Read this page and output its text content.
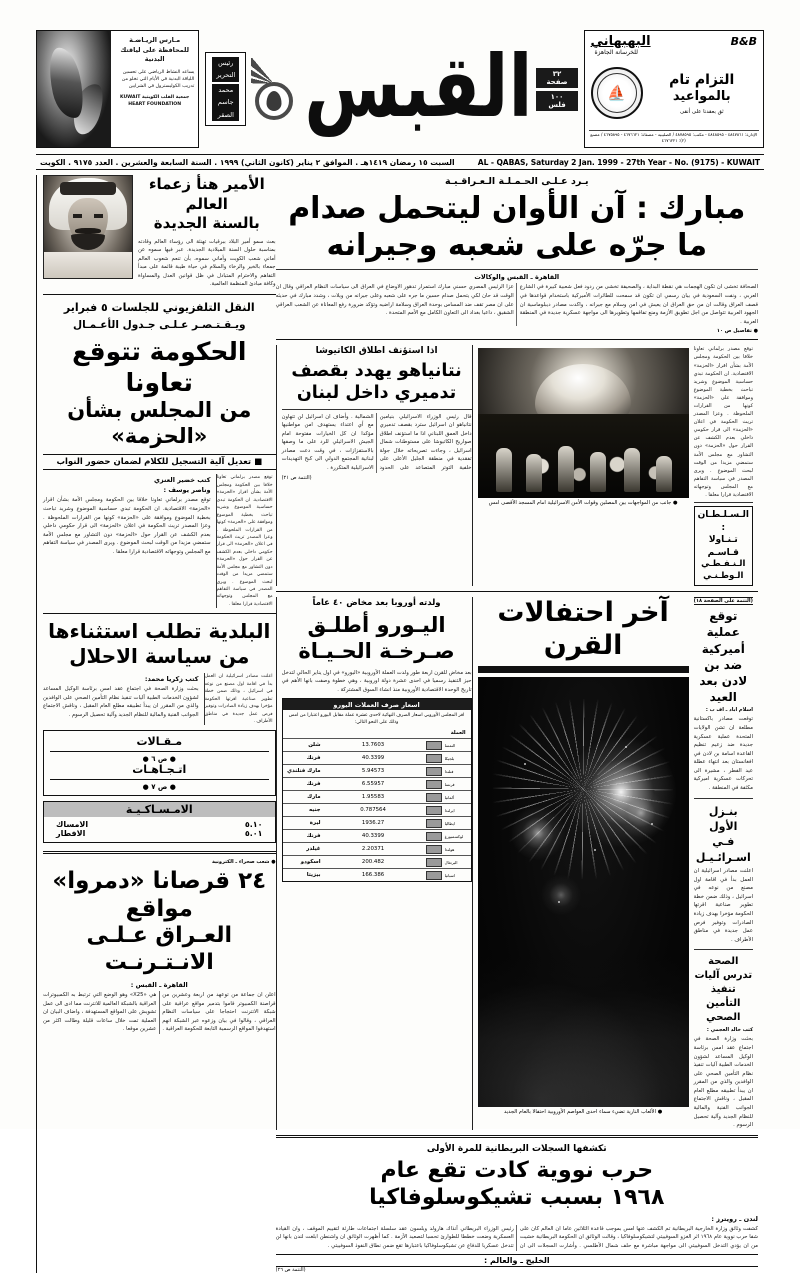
مـارس الريـاضـة للمحافظة على لياقتك البدنية
يساعد النشاط الرياضي على تحسين اللياقة البدنية في الأيام التي تخلو من تدريب الكوليسترول في الشرايين
جمعية القلب الكويتية KUWAIT HEART FOUNDATION
رئيس التحرير
محمد جاسم الصقر القبس	٣٢ صفحة
١٠٠ فلس
البهبهاني	B&B
للخرسانة الجاهزة
⛵
التزام تام
بالمواعيد
ثق بعقدنا على أنقى
الإدارة: ٤٨٤٧٨٦١ - ٤٨٤٨٥٩٥ - مكتب: ٤٨٧٨٥٩٥ / الصليبية - مصفاة: ٤٦٧٦٦٢١ - ٤٦٧٥٨٩٥ / مصنع (٢): ٤٦٧٦٢٢١
السبت ١٥ رمضان ١٤١٩هـ . الموافق ٢ يناير (كانون الثاني) ١٩٩٩ . السنة السابعة والعشرين . العدد ٩١٧٥ . الكويت	AL - QABAS, Saturday 2 Jan. 1999 - 27th Year - No. (9175) - KUWAIT
الأمير هنأ زعماء العالم
بالسنة الجديدة
بعث سمو أمير البلاد ببرقيات تهنئة الى رؤساء العالم وقادته بمناسبة حلول السنة الميلادية الجديدة. عبر فيها سموه عن أماني شعب الكويت وأماني سموه، بأن تنعم شعوب العالم جمعاء بالخير والرخاء والسلام في حياة طيبة قائمة على مبدأ التفاهم والاحترام المتبادل في ظل قوانين العدل والمساواة وكافة مبادئ المنظمة العالمية.
النقل التلفزيوني للجلسات ٥ فبراير
ويـقـتـصـر عـلـى جـدول الأعـمـال
الحكومة تتوقع تعاونا
من المجلس بشأن «الحزمة»
■ تعديل آلية التسجيل للكلام لضمان حضور النواب
كتب خضير العنزي
وناصر يوسف :
توقع مصدر برلماني تعاونا خلاقا بين الحكومة ومجلس الأمة بشأن اقرار «الحزمة» الاقتصادية. ان الحكومة تبدي حساسية الموضوع وشريد تباحث بخطية الموضوع وموافقة على «الحزمة» كونها من القرارات الملحوظة . وعزا المصدر تريث الحكومة في اعلان «الحزمة» الى قرار حكومي داخلي بعدم الكشف عن القرار حول «الحزمة» دون التشاور مع مجلس الأمة ستمضي مزيدا من الوقت لبحث الموضوع . ويرى المصدر في سياسة التفاهم مع المجلس وتوجهاته الاقتصادية قرارا معلقا .
توقع مصدر برلماني تعاونا خلاقا بين الحكومة ومجلس الأمة بشأن اقرار «الحزمة» الاقتصادية. ان الحكومة تبدي حساسية الموضوع وشريد تباحث بخطية الموضوع وموافقة على «الحزمة» كونها من القرارات الملحوظة . وعزا المصدر تريث الحكومة في اعلان «الحزمة» الى قرار حكومي داخلي بعدم الكشف عن القرار حول «الحزمة» دون التشاور مع مجلس الأمة ستمضي مزيدا من الوقت لبحث الموضوع . ويرى المصدر في سياسة التفاهم مع المجلس وتوجهاته الاقتصادية قرارا معلقا .
البلدية تطلب استثناءها
من سياسة الاحلال
كتب زكريا محمد:
بحثت وزارة الصحة في اجتماع عقد امس برئاسة الوكيل المساعد لشؤون الخدمات الطبية آليات تنفيذ نظام التأمين الصحي على الوافدين والذي من المقرر ان يبدأ تطبيقه مطلع العام المقبل ، وناقش الاجتماع الجوانب الفنية والمالية للنظام الجديد وآلية تحصيل الرسوم .
اعلنت مصادر اسرائيلية ان العمل بدأ في اقامة اول مصنع من نوعه في اسرائيل ، وذلك ضمن خطة تطوير صناعية اقرتها الحكومة مؤخرا بهدف زيادة الصادرات وتوفير فرص عمل جديدة في مناطق الأطراف .
مـقـالات
● ص ٦ ●
اتـجـاهـات
● ص ٧ ●
الامـسـاكـيـة
الامساك	٥.١٠
الافطار	٥.٠١
● شعب صحراء ـ الكترونية
٢٤ قرصانا «دمروا» مواقع
العـراق عـلـى الانـتـرنـت
القاهرة ـ القبس :
اعلن ان جماعة من توعهد من اربعة وعشرين من قراصنة الكمبيوتر قاموا بتدمير مواقع عراقية على شبكة الانترنت احتجاجا على سياسات النظام العراقي ، وقالوا في بيان وزعوه عبر الشبكة انهم استهدفوا المواقع الرسمية التابعة للحكومة العراقية .
هي «X25» وهو الوضع التي ترتبط به الكمبيوترات العراقية بالشبكة العالمية للانترنت مما ادى الى عمل تشويش على المواقع المستهدفة ، واضاف البيان ان العملية تمت خلال ساعات قليلة وطالت اكثر من عشرين موقعا .
يـرد عـلـى الحـمـلـة الـعـراقـيـة
مبارك : آن الأوان ليتحمل صدام
ما جرّه على شعبه وجيرانه
القاهرة ـ القبس والوكالات
الصحافة تخشى ان تكون الهجمات هي نقطة البداية ، والصحيفة تخشى من ردود فعل شعبية كبيرة في الشارع العربي ، ونفت السعودية في بيان رسمي ان تكون قد سمحت للطائرات الأميركية باستخدام قواعدها في قصف العراق وقالت ان من حق العراق ان يعيش في امن وسلام مع جيرانه ، واكدت مصادر ديبلوماسية ان الجهود العربية تتواصل من اجل تطويق الأزمة ومنع تفاقمها وتطويرها الى مواجهة عسكرية جديدة في المنطقة العربية .
عزا الرئيس المصري حسني مبارك استمرار تدهور الاوضاع في العراق الى سياسات النظام العراقي وقال ان الوقت قد حان لكي يتحمل صدام حسين ما جره على شعبه وعلى جيرانه من ويلات ، وشدد مبارك في حديثه على ان مصر تقف ضد المساس بوحدة العراق وسلامة اراضيه وتؤكد ضرورة رفع المعاناة عن الشعب العراقي الشقيق ، داعيا بغداد الى التعاون الكامل مع الأمم المتحدة .
● تفاصيل ص ١٠
اذا استؤنف اطلاق الكاتيوشا
نتانياهو يهدد بقصف
تدميري داخل لبنان
قال رئيس الوزراء الاسرائيلي بنيامين نتانياهو ان اسرائيل سترد بقصف تدميري داخل العمق اللبناني اذا ما استؤنف اطلاق صواريخ الكاتيوشا على مستوطنات شمال اسرائيل ، وجاءت تصريحاته خلال جولة تفقدية في منطقة الجليل الأعلى على خلفية التوتر المتصاعد على الحدود الشمالية . وأضاف ان اسرائيل لن تتهاون مع أي اعتداء يستهدف امن مواطنيها مؤكدا ان كل الخيارات مفتوحة امام الجيش الاسرائيلي للرد على ما وصفها بالاستفزازات ، في وقت دعت مصادر لبنانية المجتمع الدولي الى كبح التهديدات الاسرائيلية المتكررة .
(التتمة ص ٢١)
● جانب من المواجهات بين المصلين وقوات الأمن الاسرائيلية امام المسجد الأقصى امس
توقع مصدر برلماني تعاونا خلاقا بين الحكومة ومجلس الأمة بشأن اقرار «الحزمة» الاقتصادية. ان الحكومة تبدي حساسية الموضوع وشريد تباحث بخطية الموضوع وموافقة على «الحزمة» كونها من القرارات الملحوظة . وعزا المصدر تريث الحكومة في اعلان «الحزمة» الى قرار حكومي داخلي بعدم الكشف عن القرار حول «الحزمة» دون التشاور مع مجلس الأمة ستمضي مزيدا من الوقت لبحث الموضوع . ويرى المصدر في سياسة التفاهم مع المجلس وتوجهاته الاقتصادية قرارا معلقا .
الـسـلـطـان :
تـنـاولا قـاسـم
الـنـفـطـي الـوطـنـي
ولدته أوروبا بعد مخاض ٤٠ عاماً
اليـورو أطلـق
صـرخـة الحـيـاة
بعد مخاض للقرن اربعة طور ولدت العملة الأوروبية «اليورو» في اول يناير الحالي لتدخل حيز التنفيذ رسميا في احدى عشرة دولة اوروبية ، وهي خطوة وصفت بانها الأهم في تاريخ الوحدة الاقتصادية الأوروبية منذ انشاء السوق المشتركة .
اسعار صرف العملات اليورو
اقر المجلس الأوروبي اسعار الصرف النهائية لاحدى عشرة عملة مقابل اليورو اعتبارا من امس وذلك على النحو التالي:
العملة
شلن	13.7603	النمسا
فرنك	40.3399	بلجيكا
مارك فنلندي	5.94573	فنلندا
فرنك	6.55957	فرنسا
مارك	1.95583	ألمانيا
جنيه	0.787564	ايرلندا
ليرة	1936.27	ايطاليا
فرنك	40.3399	لوكسمبورغ
غيلدر	2.20371	هولندا
اسكودو	200.482	البرتغال
بيزيتا	166.386	اسبانيا
آخر احتفالات القرن
● الألعاب النارية تضيء سماء احدى العواصم الأوروبية احتفالا بالعام الجديد
(التتمة على الصفحة ١٨)
توقع عملية
أميركية ضد بن
لادن بعد العيد
اسلام اباد ـ اف ب :
توقعت مصادر باكستانية مطلعة ان تشن الولايات المتحدة عملية عسكرية جديدة ضد زعيم تنظيم القاعدة اسامة بن لادن في افغانستان بعد انتهاء عطلة عيد الفطر ، مشيرة الى تحركات عسكرية اميركية مكثفة في المنطقة .
بنـزل الأول
فـي اسـرائـيـل
اعلنت مصادر اسرائيلية ان العمل بدأ في اقامة اول مصنع من نوعه في اسرائيل ، وذلك ضمن خطة تطوير صناعية اقرتها الحكومة مؤخرا بهدف زيادة الصادرات وتوفير فرص عمل جديدة في مناطق الأطراف .
الصحة تدرس آليات
تنفيذ التأمين الصحي
كتب خالد العجمي :
بحثت وزارة الصحة في اجتماع عقد امس برئاسة الوكيل المساعد لشؤون الخدمات الطبية آليات تنفيذ نظام التأمين الصحي على الوافدين والذي من المقرر ان يبدأ تطبيقه مطلع العام المقبل ، وناقش الاجتماع الجوانب الفنية والمالية للنظام الجديد وآلية تحصيل الرسوم .
تكشفها السجلات البريطانية للمرة الأولى
حرب نووية كادت تقع عام
١٩٦٨ بسبب تشيكوسلوفاكيا
لندن ـ رويترز :
كشفت وثائق وزارة الخارجية البريطانية تم الكشف عنها امس بموجب قاعدة الثلاثين عاما ان العالم كان على شفا حرب نووية عام ١٩٦٨ اثر الغزو السوفييتي لتشيكوسلوفاكيا ، وقالت الوثائق ان الحكومة البريطانية خشيت من ان يؤدي التدخل السوفييتي الى مواجهة مباشرة مع حلف شمال الأطلسي . وأشارت السجلات الى ان رئيس الوزراء البريطاني آنذاك هارولد ويلسون عقد سلسلة اجتماعات طارئة لتقييم الموقف ، وان القيادة العسكرية وضعت خططا للطوارئ تحسبا لتصعيد الأزمة . كما أظهرت الوثائق ان واشنطن ابلغت لندن بانها لن تتدخل عسكريا للدفاع عن تشيكوسلوفاكيا باعتبارها تقع ضمن نطاق النفوذ السوفييتي .
الخليج ـ والعالم :
(التتمة ص ٢٦)
